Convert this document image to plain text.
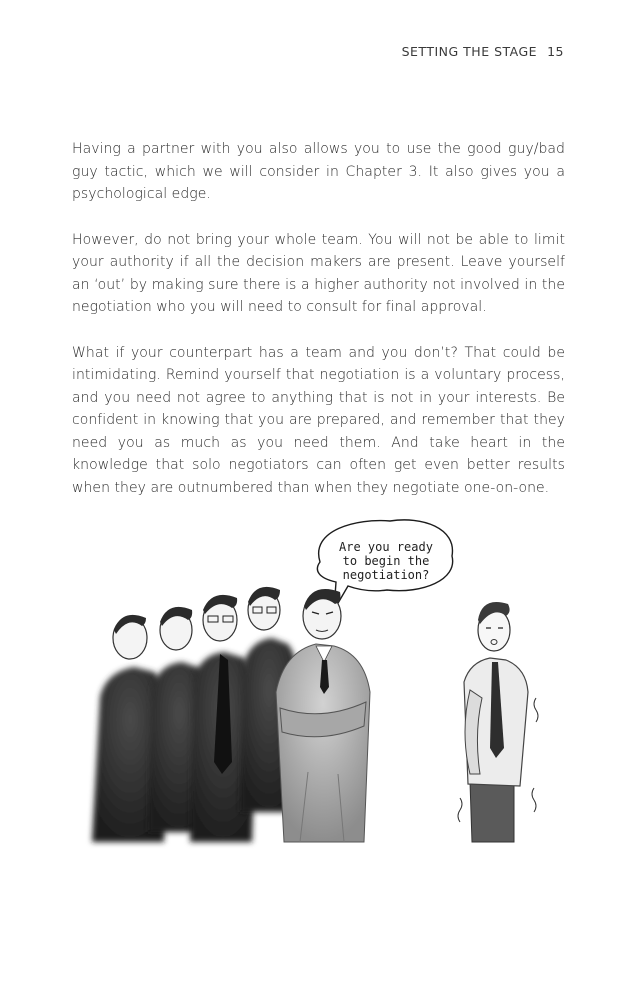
SETTING THE STAGE 15

Having a partner with you also allows you to use the good guy/bad guy tactic, which we will consider in Chapter 3. It also gives you a psychological edge.

However, do not bring your whole team. You will not be able to limit your authority if all the decision makers are present. Leave yourself an ‘out’ by making sure there is a higher authority not involved in the negotiation who you will need to consult for final approval.

What if your counterpart has a team and you don’t? That could be intimidating. Remind yourself that negotiation is a voluntary process, and you need not agree to anything that is not in your interests. Be confident in knowing that you are prepared, and remember that they need you as much as you need them. And take heart in the knowledge that solo negotiators can often get even better results when they are outnumbered than when they negotiate one-on-one.

Are you ready
to begin the
negotiation?
